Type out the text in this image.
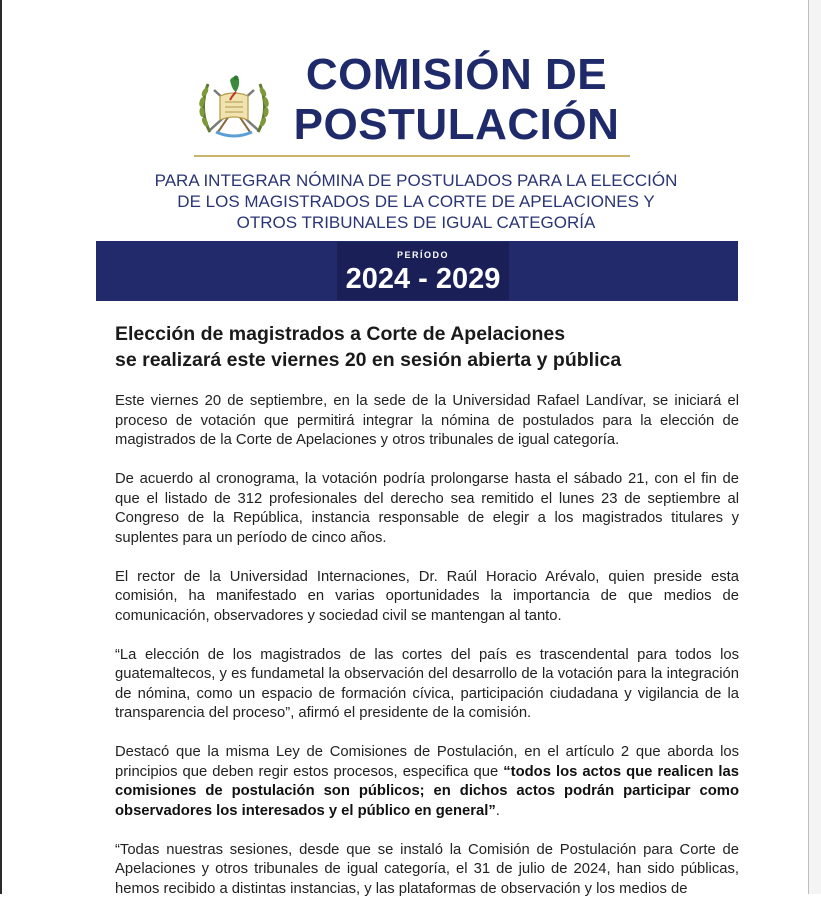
COMISIÓN DE
POSTULACIÓN
PARA INTEGRAR NÓMINA DE POSTULADOS PARA LA ELECCIÓN
DE LOS MAGISTRADOS DE LA CORTE DE APELACIONES Y
OTROS TRIBUNALES DE IGUAL CATEGORÍA
PERÍODO
2024 - 2029
Elección de magistrados a Corte de Apelaciones
se realizará este viernes 20 en sesión abierta y pública

Este viernes 20 de septiembre, en la sede de la Universidad Rafael Landívar, se iniciará el proceso de votación que permitirá integrar la nómina de postulados para la elección de magistrados de la Corte de Apelaciones y otros tribunales de igual categoría.

De acuerdo al cronograma, la votación podría prolongarse hasta el sábado 21, con el fin de que el listado de 312 profesionales del derecho sea remitido el lunes 23 de septiembre al Congreso de la República, instancia responsable de elegir a los magistrados titulares y suplentes para un período de cinco años.

El rector de la Universidad Internaciones, Dr. Raúl Horacio Arévalo, quien preside esta comisión, ha manifestado en varias oportunidades la importancia de que medios de comunicación, observadores y sociedad civil se mantengan al tanto.

“La elección de los magistrados de las cortes del país es trascendental para todos los guatemaltecos, y es fundametal la observación del desarrollo de la votación para la integración de nómina, como un espacio de formación cívica, participación ciudadana y vigilancia de la transparencia del proceso”, afirmó el presidente de la comisión.

Destacó que la misma Ley de Comisiones de Postulación, en el artículo 2 que aborda los principios que deben regir estos procesos, especifica que “todos los actos que realicen las comisiones de postulación son públicos; en dichos actos podrán participar como observadores los interesados y el público en general”.

“Todas nuestras sesiones, desde que se instaló la Comisión de Postulación para Corte de Apelaciones y otros tribunales de igual categoría, el 31 de julio de 2024, han sido públicas, hemos recibido a distintas instancias, y las plataformas de observación y los medios de
